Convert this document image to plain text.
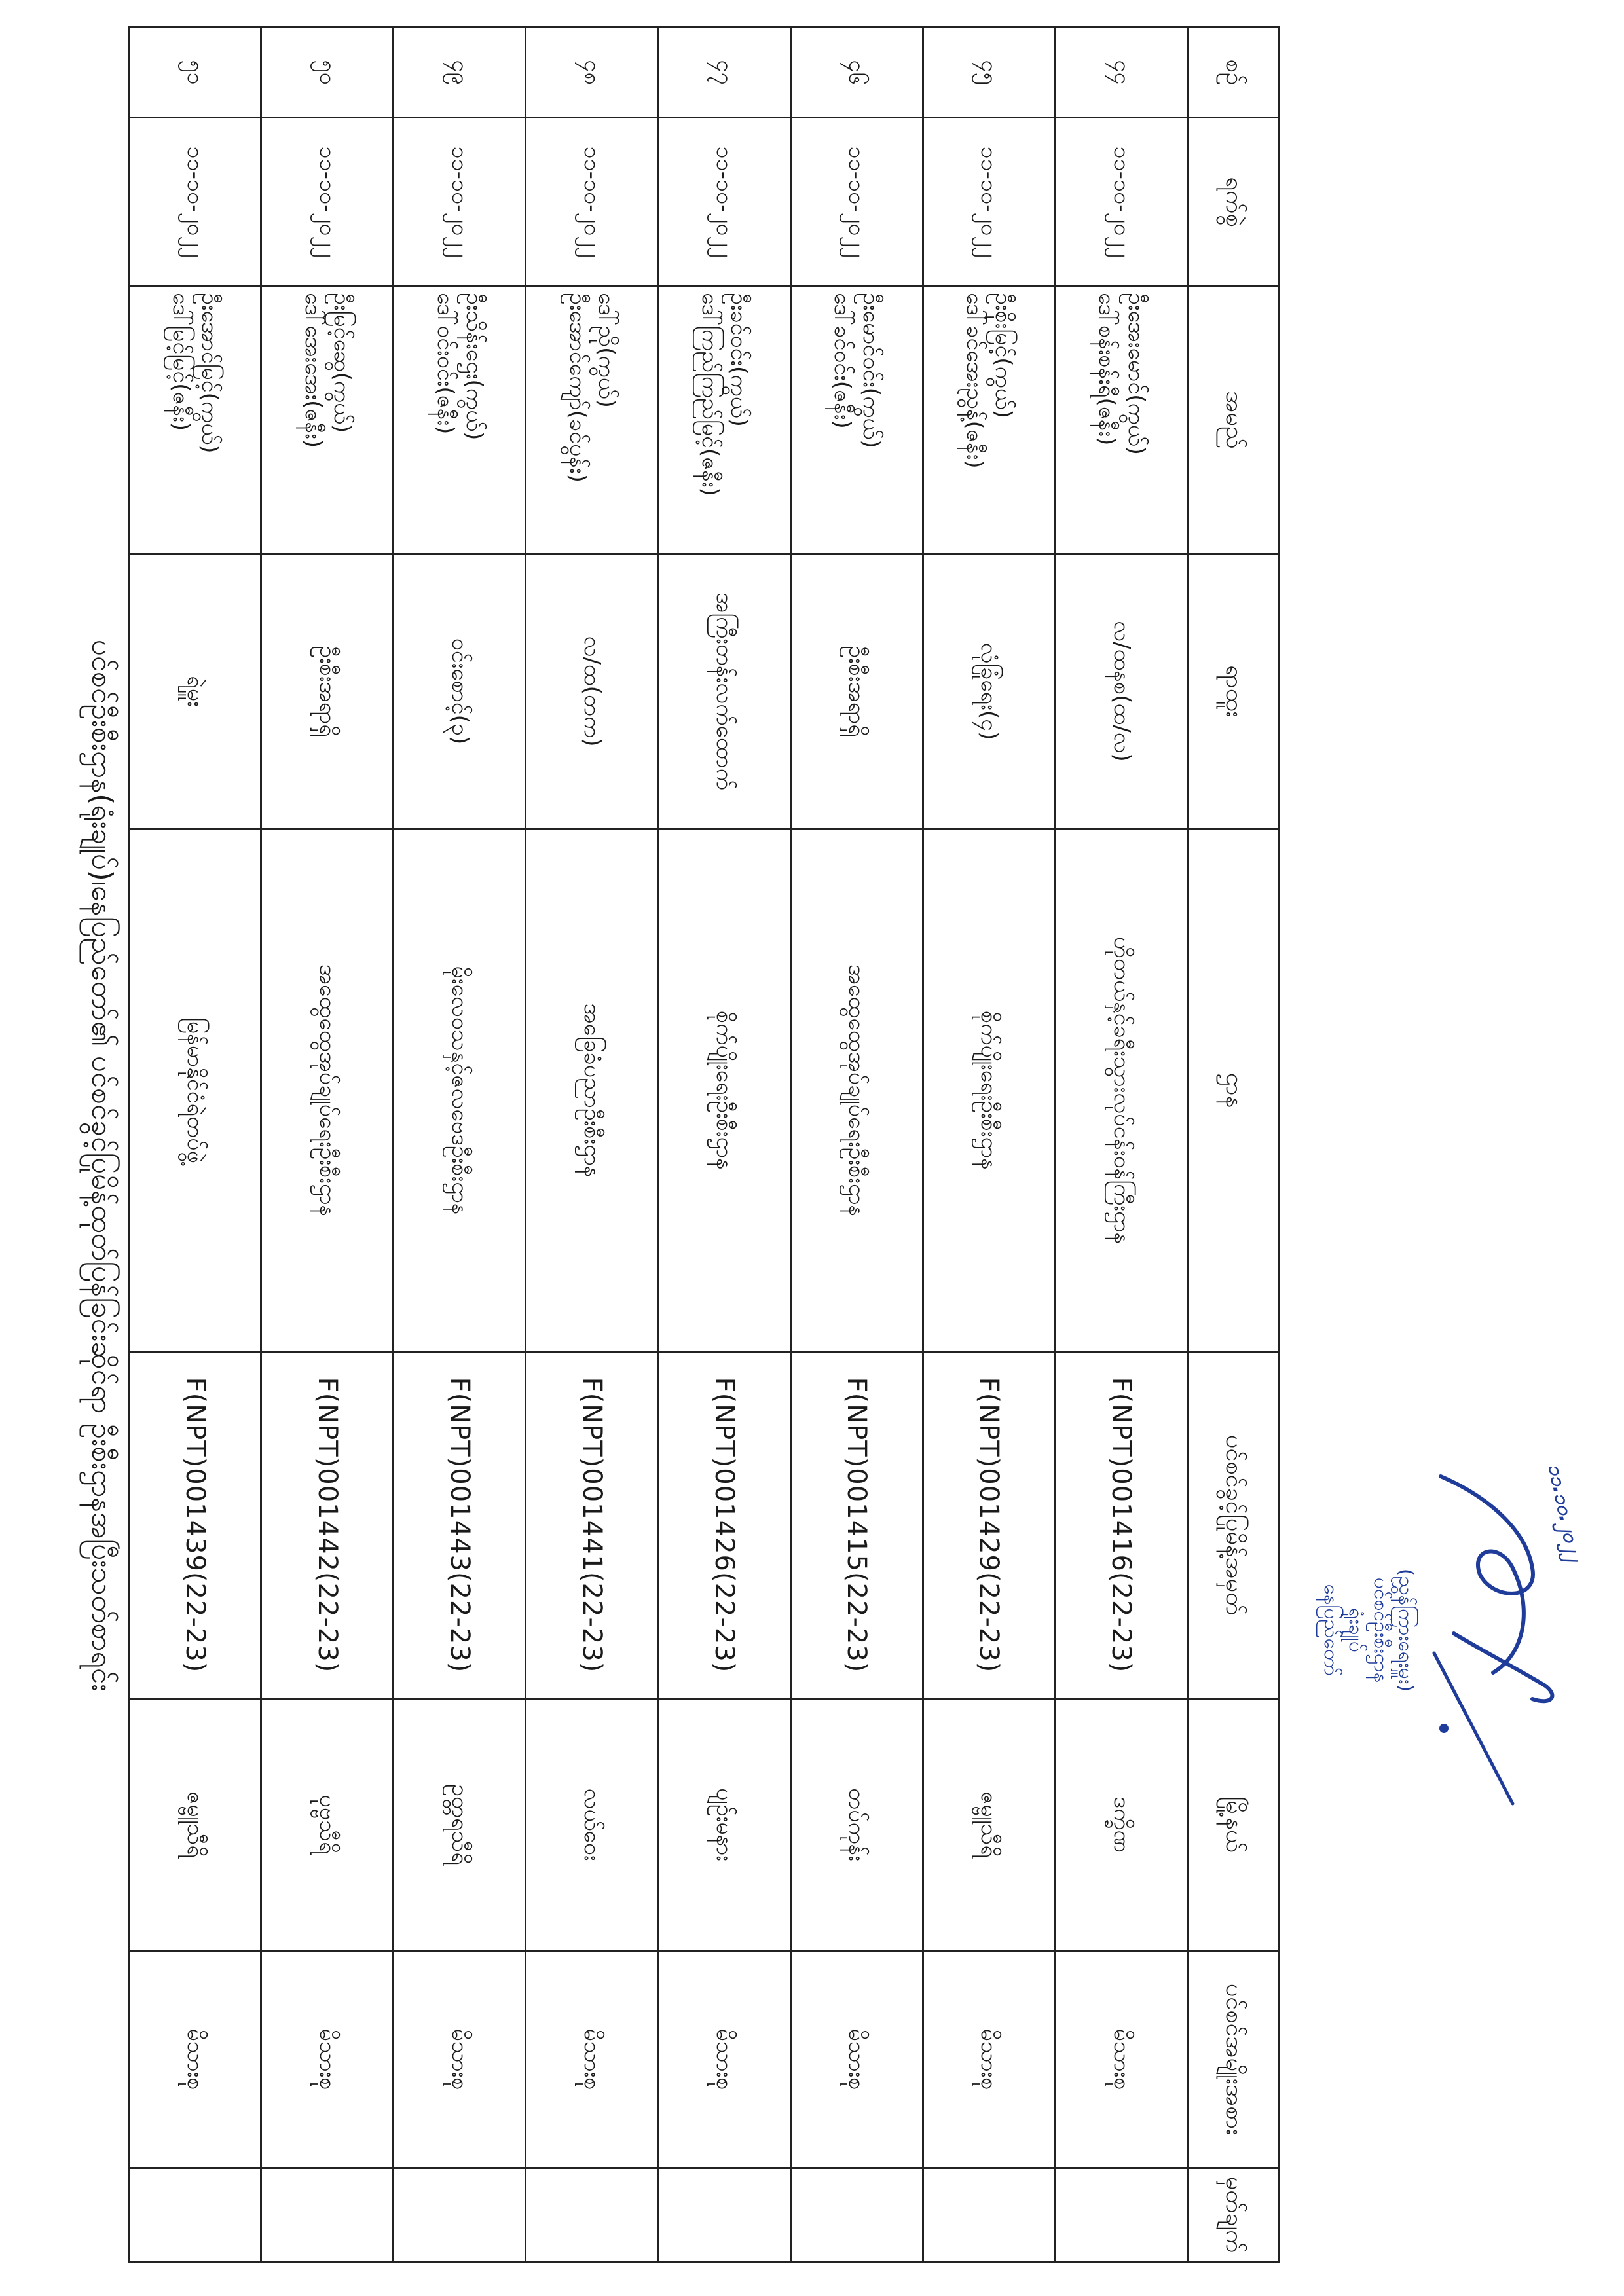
ပင်စင်ဦးစီးဌာန(ရုံးချုပ်)၊နေပြည်တော်၏ ပင်စင်ခွင့်ပြုမိန့်ထုတ်ပြန်ခြင်းဆိုင်ရာ ဦးစီးဌာနအပြီးသတ်စာရင်း
စဉ်	ရက်စွဲ	အမည်	ရာထူး	ဌာန	ပင်စင်ခွင့်ပြုမိန့်အမှတ်	မြို့နယ်	ပင်စင်အမျိုးအစား	မှတ်ချက်
၄၄	၁၁-၁၀-၂၀၂၂	ဦးအေးမောင်(ကွယ်)
ဒေါ်စန်းစန်းရီ(ဇနီး)	လ/ထနစ(ထ/လ)	ဟိုတယ်နှင့်ခရီးသွားလုပ်ငန်းဝန်ကြီးဌာန	F(NPT)001416(22-23)	ဒက္ခိဏ	မိသားစု	
၄၅	၁၁-၁၀-၂၀၂၂	ဦးစိုးမြင့်(ကွယ်)
ဒေါ်ခင်အေးညွန့်(ဇနီး)	လုံခြုံရေး(၄)	စိုက်ပျိုးရေးဦးစီးဌာန	F(NPT)001429(22-23)	ဇမ္ဗူသီရိ	မိသားစု	
၄၆	၁၁-၁၀-၂၀၂၂	ဦးမောင်ဝင်း(ကွယ်)
ဒေါ်ခင်ဝင်း(ဇနီး)	ဦးစီးအရာရှိ	အထွေထွေအုပ်ချုပ်ရေးဦးစီးဌာန	F(NPT)001415(22-23)	တပ်ကုန်း	မိသားစု	
၄၇	၁၁-၁၀-၂၀၂၂	ဦးခင်ဝင်း(ကွယ်)
ဒေါ်ကြည်ကြည်မြင့်(ဇနီး)	အကြီးတန်းလက်ထောက်	စိုက်ပျိုးရေးဦးစီးဌာန	F(NPT)001426(22-23)	ပျဉ်းမနား	မိသားစု	
၄၈	၁၁-၁၀-၂၀၂၂	ဒေါ်ညို(ကွယ်)
ဦးအောင်ကျော်(ခင်ပွန်း)	လ/ထ(တက)	အခြေခံပညာဦးစီးဌာန	F(NPT)001441(22-23)	လယ်ဝေး	မိသားစု	
၄၉	၁၁-၁၀-၂၀၂၂	ဦးသိန်းဌေး(ကွယ်)
ဒေါ်ဝင်းဝင်း(ဇနီး)	ဝင်းစောင့်(၃)	မိုးလေဝသနှင့်ဇလဗေဒဦးစီးဌာန	F(NPT)001443(22-23)	ဥတ္တရသီရိ	မိသားစု	
၅၀	၁၁-၁၀-၂၀၂၂	ဦးမြင့်ဆွေ(ကွယ်)
ဒေါ်အေးအေး(ဇနီး)	ဦးစီးအရာရှိ	အထွေထွေအုပ်ချုပ်ရေးဦးစီးဌာန	F(NPT)001442(22-23)	ပုဗ္ဗသီရိ	မိသားစု	
၅၁	၁၁-၁၀-၂၀၂၂	ဦးအောင်မြင့်(ကွယ်)
ဒေါ်မြင့်မြင့်(ဇနီး)	ရဲမှူး	မြန်မာနိုင်ငံရဲတပ်ဖွဲ့	F(NPT)001439(22-23)	ဇမ္ဗူသီရိ	မိသားစု	
၁၁.၁၀.၂၀၂၂
(ညွှန်ကြားရေးမှူး)
ပင်စင်ဦးစီးဌာန
ရုံးချုပ်
နေပြည်တော်
